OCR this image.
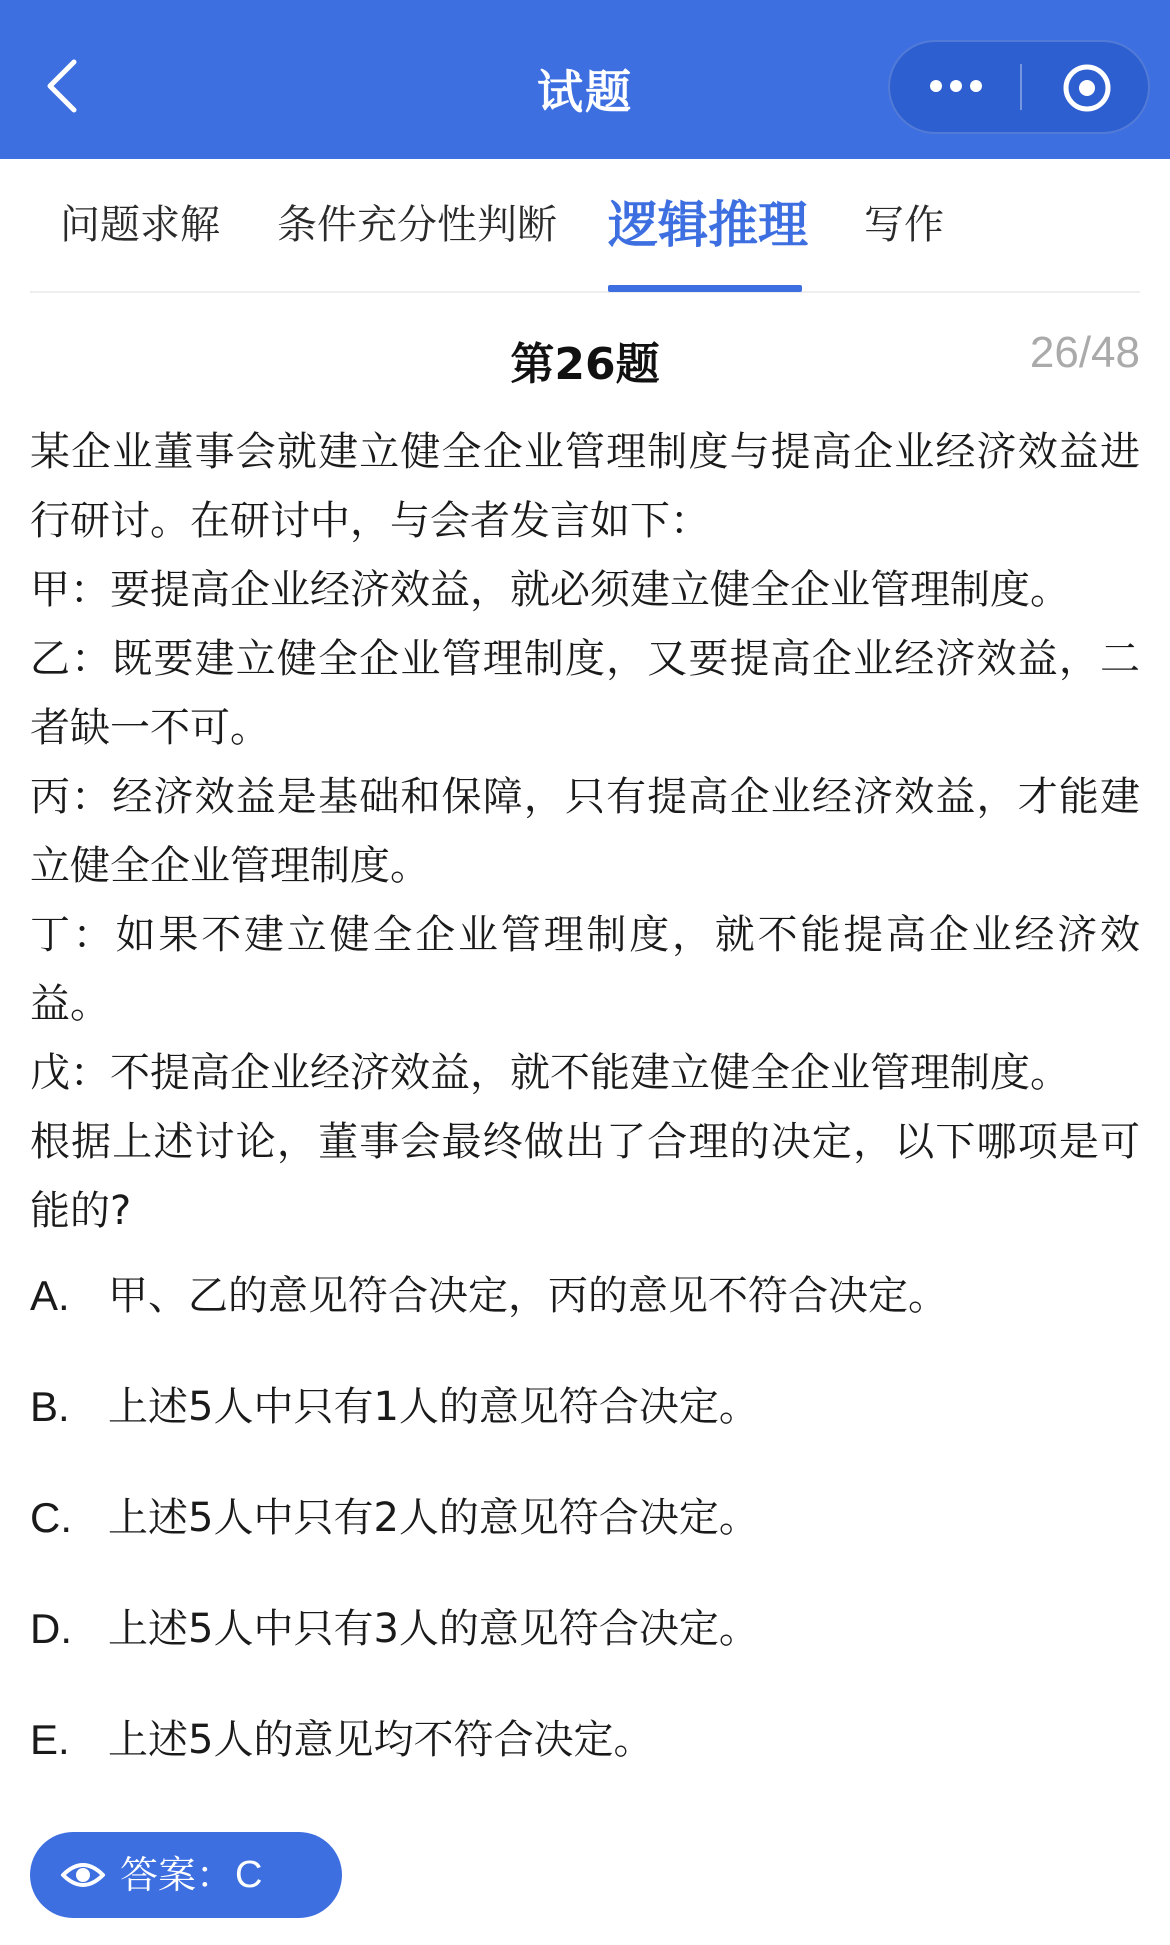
试题
问题求解 条件充分性判断 逻辑推理 写作
第26题	26/48

某企业董事会就建立健全企业管理制度与提高企业经济效益进行研讨。在研讨中，与会者发言如下：

甲：要提高企业经济效益，就必须建立健全企业管理制度。

乙：既要建立健全企业管理制度，又要提高企业经济效益，二者缺一不可。

丙：经济效益是基础和保障，只有提高企业经济效益，才能建立健全企业管理制度。

丁：如果不建立健全企业管理制度，就不能提高企业经济效益。

戊：不提高企业经济效益，就不能建立健全企业管理制度。

根据上述讨论，董事会最终做出了合理的决定，以下哪项是可能的?

A. 甲、乙的意见符合决定，丙的意见不符合决定。
B. 上述5人中只有1人的意见符合决定。
C. 上述5人中只有2人的意见符合决定。
D. 上述5人中只有3人的意见符合决定。
E. 上述5人的意见均不符合决定。
答案： C
